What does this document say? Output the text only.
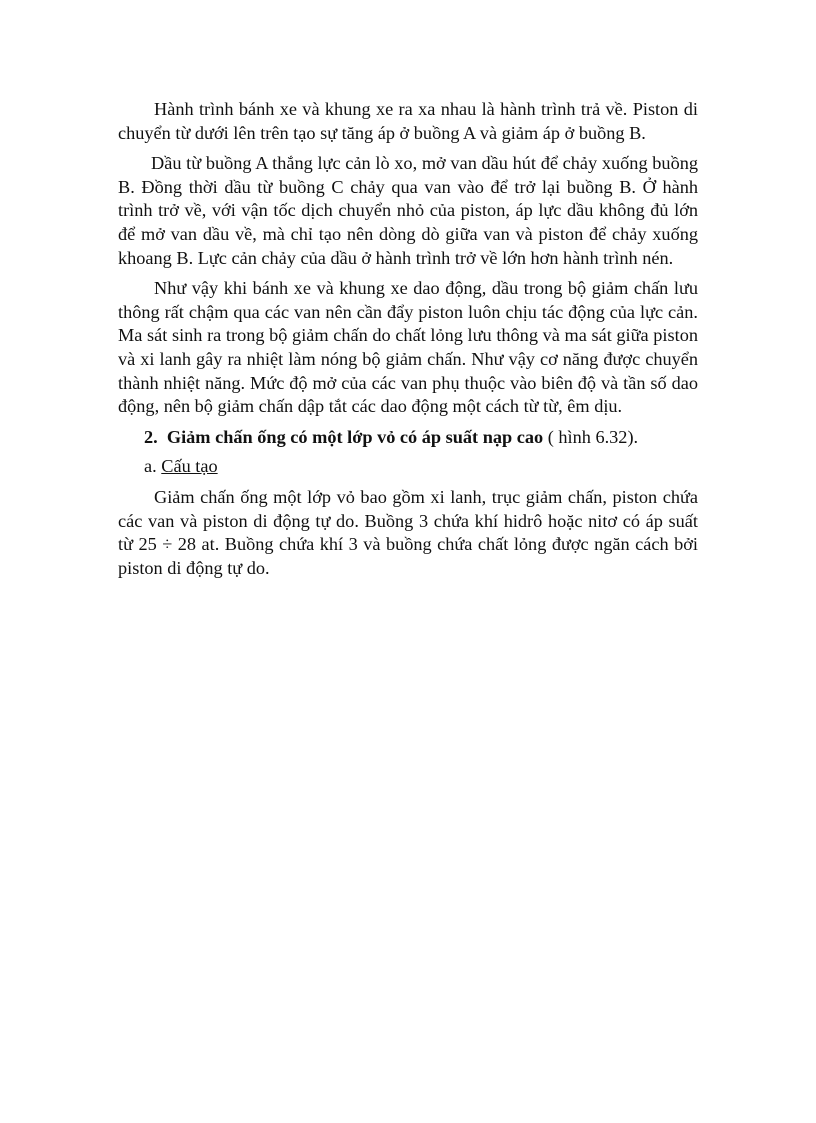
Hành trình bánh xe và khung xe ra xa nhau là hành trình trả về. Piston di chuyển từ dưới lên trên tạo sự tăng áp ở buồng A và giảm áp ở buồng B.

Dầu từ buồng A thắng lực cản lò xo, mở van dầu hút để chảy xuống buồng B. Đồng thời dầu từ buồng C chảy qua van vào để trở lại buồng B. Ở hành trình trở về, với vận tốc dịch chuyển nhỏ của piston, áp lực dầu không đủ lớn để mở van dầu về, mà chỉ tạo nên dòng dò giữa van và piston để chảy xuống khoang B. Lực cản chảy của dầu ở hành trình trở về lớn hơn hành trình nén.

Như vậy khi bánh xe và khung xe dao động, dầu trong bộ giảm chấn lưu thông rất chậm qua các van nên cần đẩy piston luôn chịu tác động của lực cản. Ma sát sinh ra trong bộ giảm chấn do chất lỏng lưu thông và ma sát giữa piston và xi lanh gây ra nhiệt làm nóng bộ giảm chấn. Như vậy cơ năng được chuyển thành nhiệt năng. Mức độ mở của các van phụ thuộc vào biên độ và tần số dao động, nên bộ giảm chấn dập tắt các dao động một cách từ từ, êm dịu.

2. Giảm chấn ống có một lớp vỏ có áp suất nạp cao ( hình 6.32).

a. Cấu tạo

Giảm chấn ống một lớp vỏ bao gồm xi lanh, trục giảm chấn, piston chứa các van và piston di động tự do. Buồng 3 chứa khí hidrô hoặc nitơ có áp suất từ 25 ÷ 28 at. Buồng chứa khí 3 và buồng chứa chất lỏng được ngăn cách bởi piston di động tự do.
